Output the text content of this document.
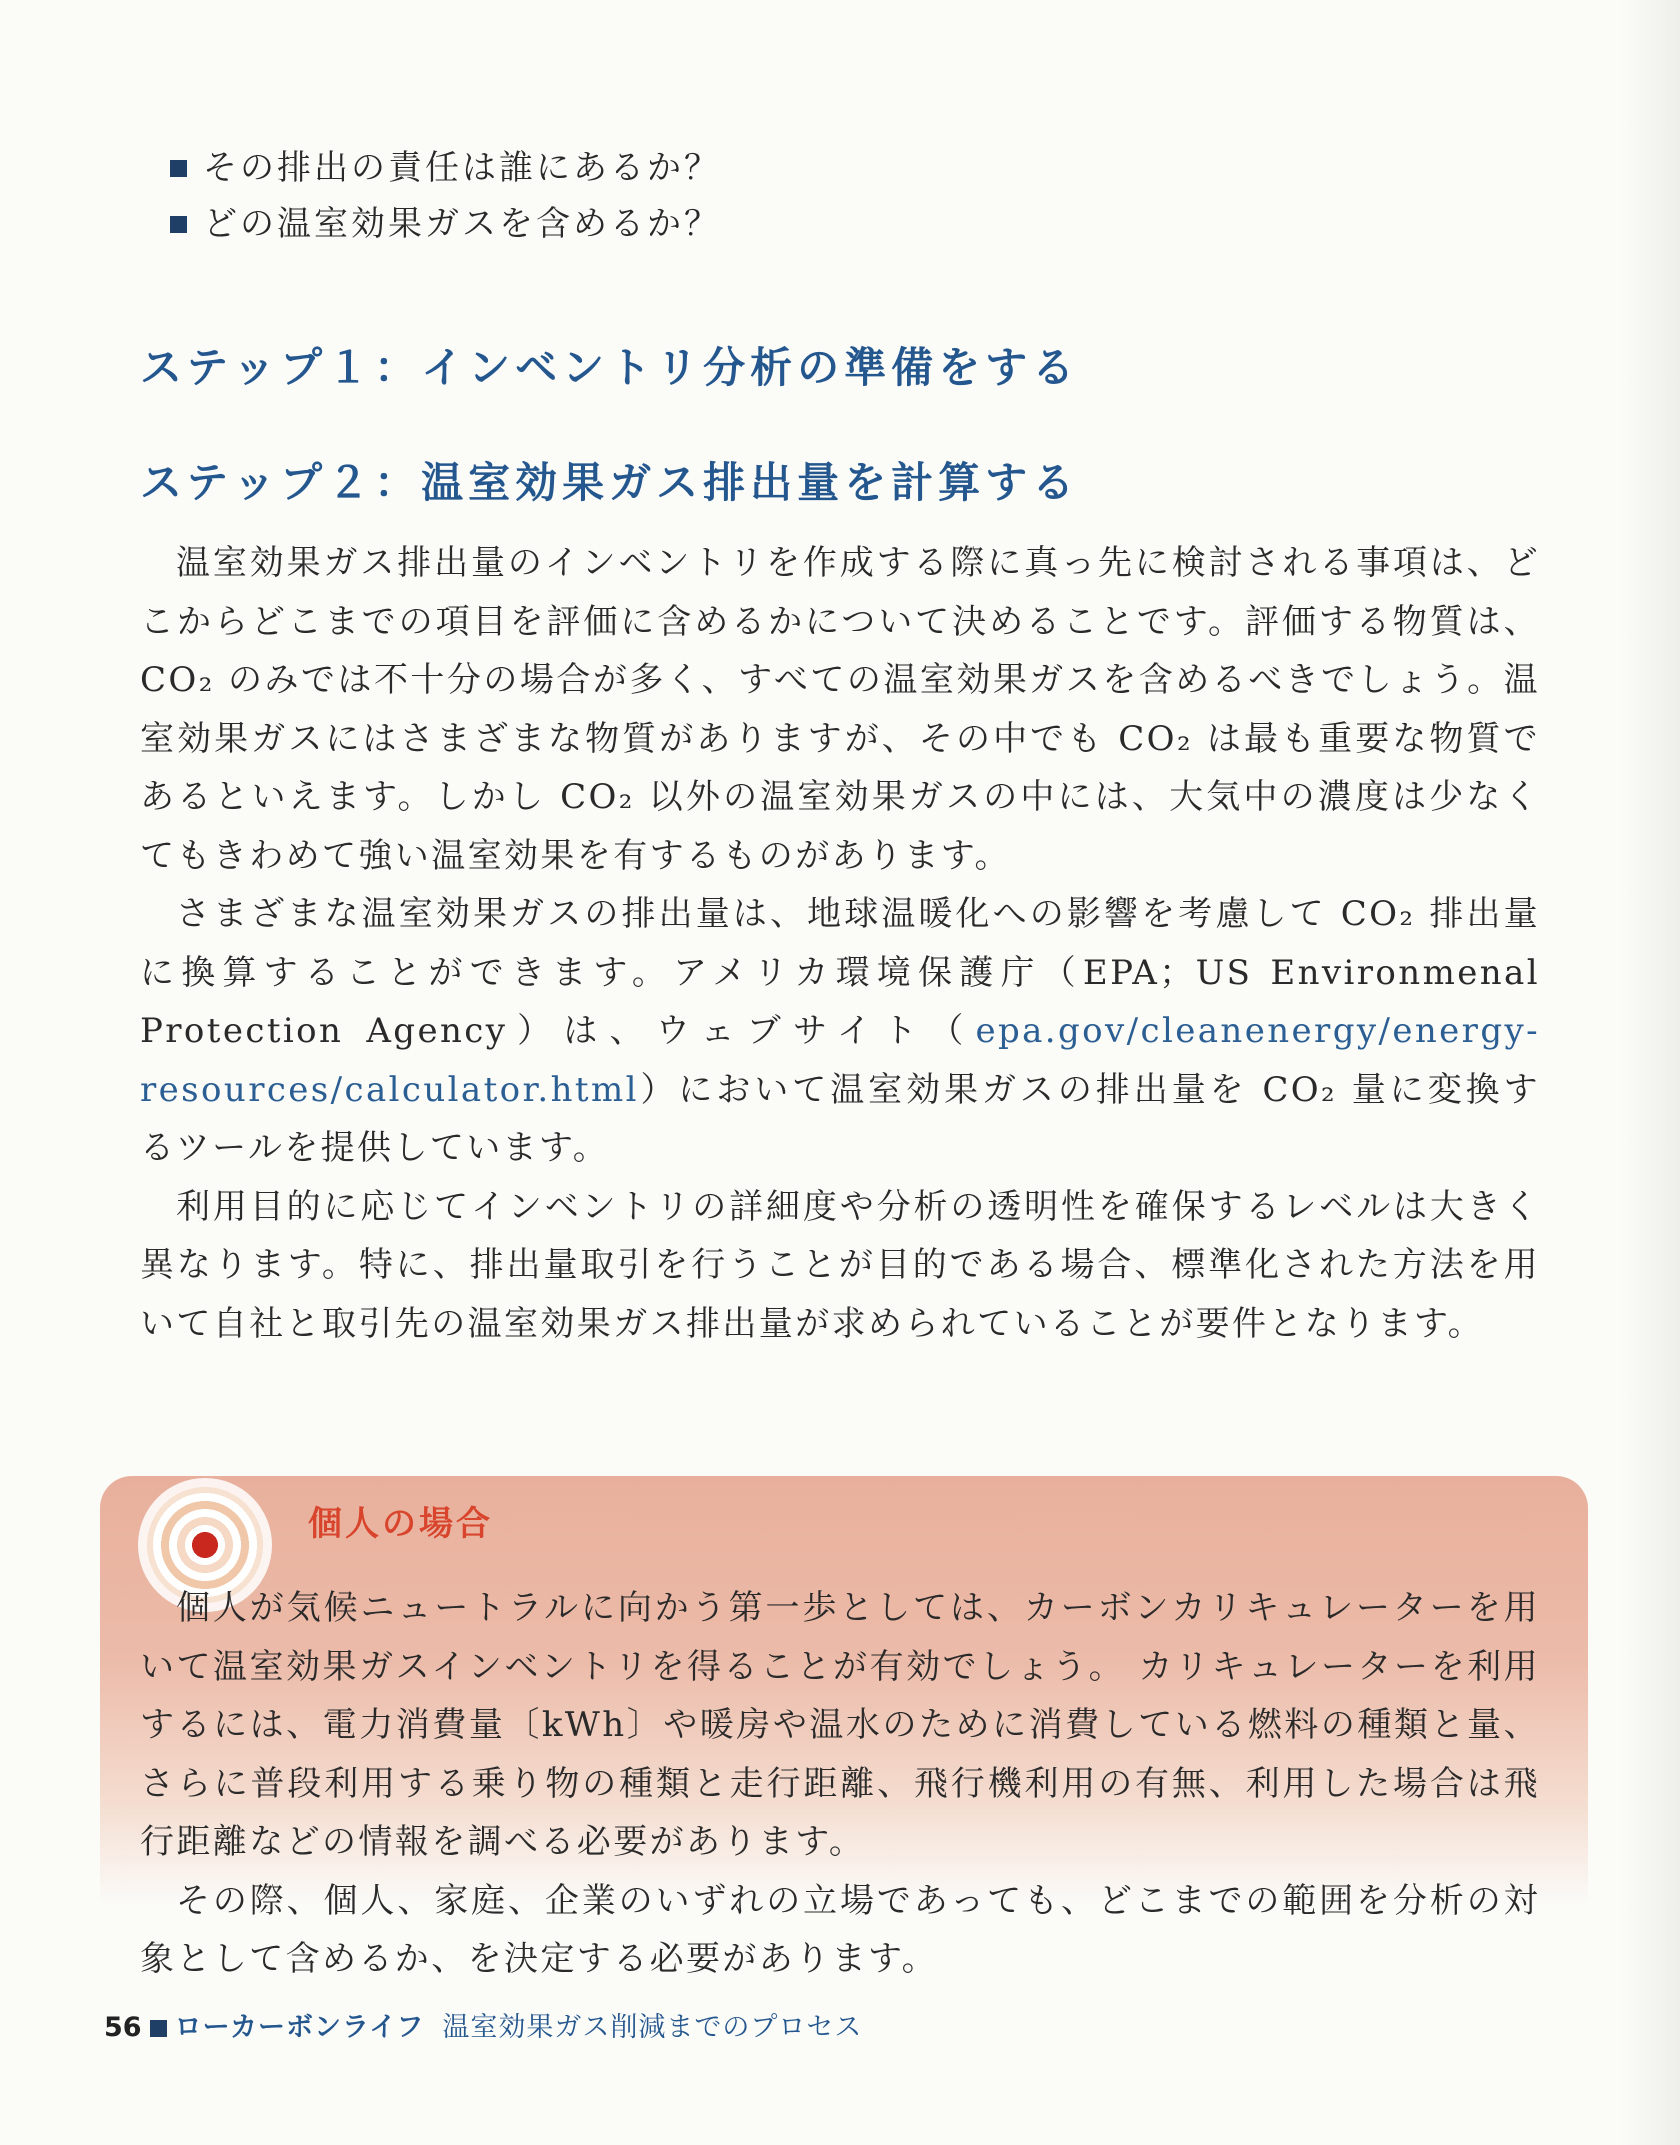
その排出の責任は誰にあるか？
どの温室効果ガスを含めるか？
ステップ１：インベントリ分析の準備をする
ステップ２：温室効果ガス排出量を計算する

温室効果ガス排出量のインベントリを作成する際に真っ先に検討される事項は、どこからどこまでの項目を評価に含めるかについて決めることです。評価する物質は、CO₂ のみでは不十分の場合が多く、すべての温室効果ガスを含めるべきでしょう。温室効果ガスにはさまざまな物質がありますが、その中でも CO₂ は最も重要な物質であるといえます。しかし CO₂ 以外の温室効果ガスの中には、大気中の濃度は少なくてもきわめて強い温室効果を有するものがあります。

さまざまな温室効果ガスの排出量は、地球温暖化への影響を考慮して CO₂ 排出量に換算することができます。アメリカ環境保護庁（EPA；US Environmenal Protection Agency）は、ウェブサイト（epa.gov/cleanenergy/energy-resources/calculator.html）において温室効果ガスの排出量を CO₂ 量に変換するツールを提供しています。

利用目的に応じてインベントリの詳細度や分析の透明性を確保するレベルは大きく異なります。特に、排出量取引を行うことが目的である場合、標準化された方法を用いて自社と取引先の温室効果ガス排出量が求められていることが要件となります。

個人の場合

個人が気候ニュートラルに向かう第一歩としては、カーボンカリキュレーターを用いて温室効果ガスインベントリを得ることが有効でしょう。 カリキュレーターを利用するには、電力消費量〔kWh〕や暖房や温水のために消費している燃料の種類と量、さらに普段利用する乗り物の種類と走行距離、飛行機利用の有無、利用した場合は飛行距離などの情報を調べる必要があります。

その際、個人、家庭、企業のいずれの立場であっても、どこまでの範囲を分析の対象として含めるか、を決定する必要があります。

56 ローカーボンライフ 温室効果ガス削減までのプロセス
